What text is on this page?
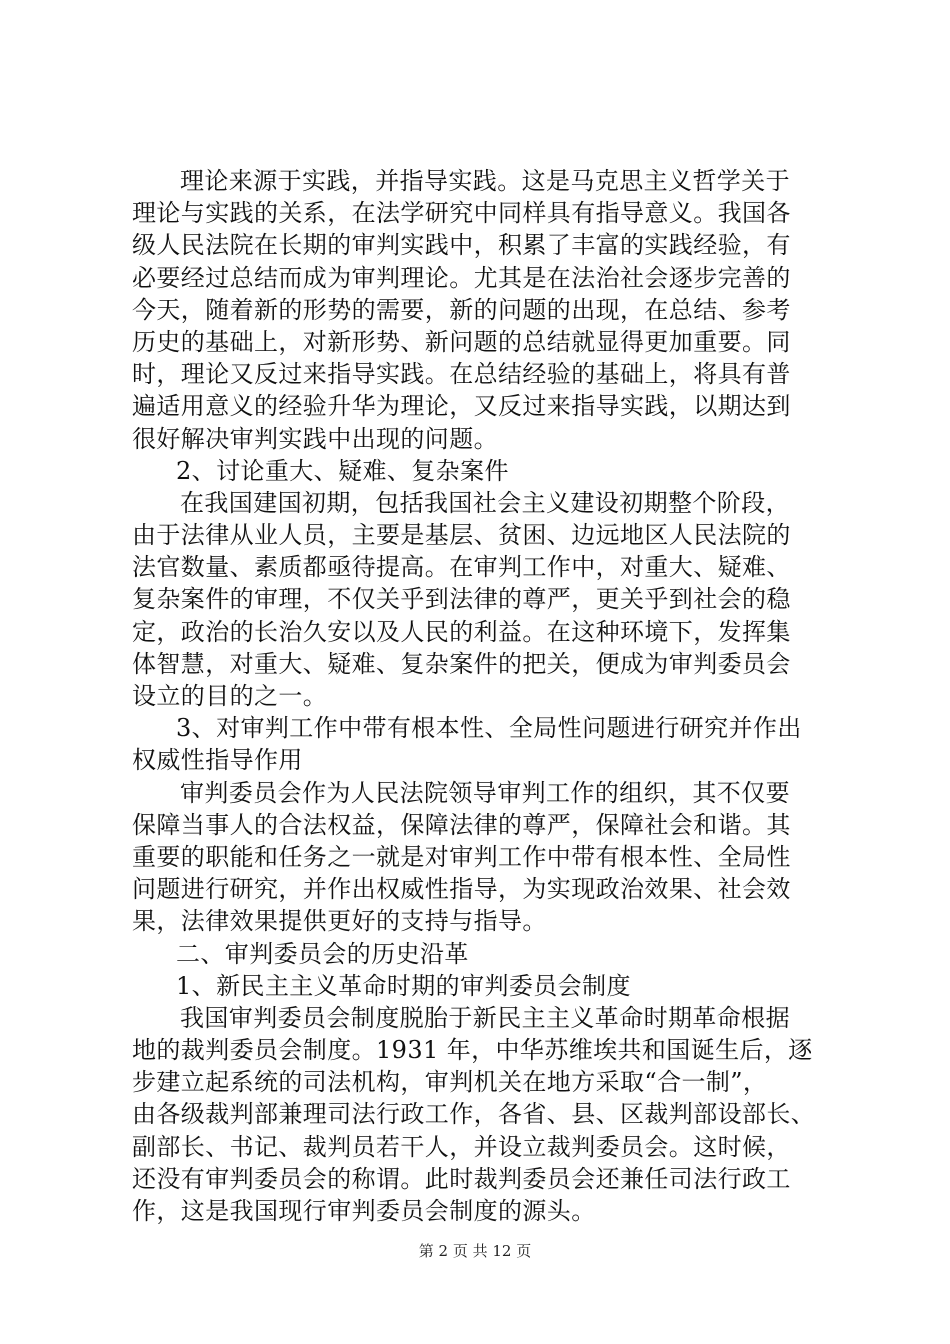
理论来源于实践，并指导实践。这是马克思主义哲学关于
理论与实践的关系，在法学研究中同样具有指导意义。我国各
级人民法院在长期的审判实践中，积累了丰富的实践经验，有
必要经过总结而成为审判理论。尤其是在法治社会逐步完善的
今天，随着新的形势的需要，新的问题的出现，在总结、参考
历史的基础上，对新形势、新问题的总结就显得更加重要。同
时，理论又反过来指导实践。在总结经验的基础上，将具有普
遍适用意义的经验升华为理论，又反过来指导实践，以期达到
很好解决审判实践中出现的问题。
2、讨论重大、疑难、复杂案件
在我国建国初期，包括我国社会主义建设初期整个阶段，
由于法律从业人员，主要是基层、贫困、边远地区人民法院的
法官数量、素质都亟待提高。在审判工作中，对重大、疑难、
复杂案件的审理，不仅关乎到法律的尊严，更关乎到社会的稳
定，政治的长治久安以及人民的利益。在这种环境下，发挥集
体智慧，对重大、疑难、复杂案件的把关，便成为审判委员会
设立的目的之一。
3、对审判工作中带有根本性、全局性问题进行研究并作出
权威性指导作用
审判委员会作为人民法院领导审判工作的组织，其不仅要
保障当事人的合法权益，保障法律的尊严，保障社会和谐。其
重要的职能和任务之一就是对审判工作中带有根本性、全局性
问题进行研究，并作出权威性指导，为实现政治效果、社会效
果，法律效果提供更好的支持与指导。
二、审判委员会的历史沿革
1、新民主主义革命时期的审判委员会制度
我国审判委员会制度脱胎于新民主主义革命时期革命根据
地的裁判委员会制度。1931 年，中华苏维埃共和国诞生后，逐
步建立起系统的司法机构，审判机关在地方采取“合一制”，
由各级裁判部兼理司法行政工作，各省、县、区裁判部设部长、
副部长、书记、裁判员若干人，并设立裁判委员会。这时候，
还没有审判委员会的称谓。此时裁判委员会还兼任司法行政工
作，这是我国现行审判委员会制度的源头。
第 2 页 共 12 页
